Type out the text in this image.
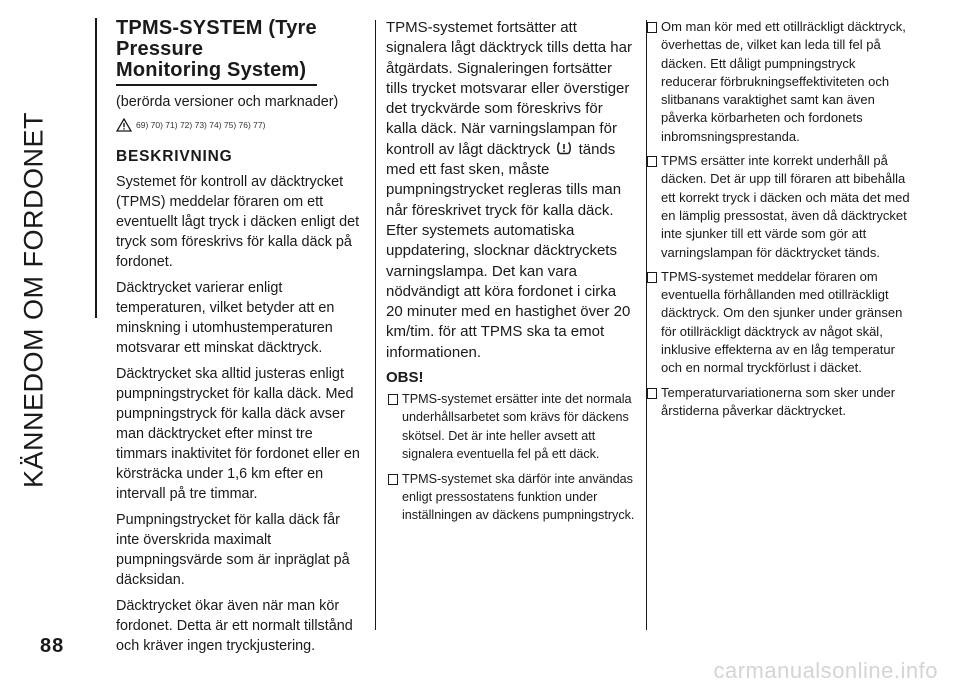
KÄNNEDOM OM FORDONET
88
TPMS-SYSTEM (Tyre
Pressure
Monitoring System)

(berörda versioner och marknader)

69) 70) 71) 72) 73) 74) 75) 76) 77)
BESKRIVNING

Systemet för kontroll av däcktrycket (TPMS) meddelar föraren om ett eventuellt lågt tryck i däcken enligt det tryck som föreskrivs för kalla däck på fordonet.

Däcktrycket varierar enligt temperaturen, vilket betyder att en minskning i utomhustemperaturen motsvarar ett minskat däcktryck.

Däcktrycket ska alltid justeras enligt pumpningstrycket för kalla däck. Med pumpningstryck för kalla däck avser man däcktrycket efter minst tre timmars inaktivitet för fordonet eller en körsträcka under 1,6 km efter en intervall på tre timmar.

Pumpningstrycket för kalla däck får inte överskrida maximalt pumpningsvärde som är inpräglat på däcksidan.

Däcktrycket ökar även när man kör fordonet. Detta är ett normalt tillstånd och kräver ingen tryckjustering.

TPMS-systemet fortsätter att signalera lågt däcktryck tills detta har åtgärdats. Signaleringen fortsätter tills trycket motsvarar eller överstiger det tryckvärde som föreskrivs för kalla däck. När varningslampan för kontroll av lågt däcktryck tänds med ett fast sken, måste pumpningstrycket regleras tills man når föreskrivet tryck för kalla däck. Efter systemets automatiska uppdatering, slocknar däcktryckets varningslampa. Det kan vara nödvändigt att köra fordonet i cirka 20 minuter med en hastighet över 20 km/tim. för att TPMS ska ta emot informationen.

OBS!

TPMS-systemet ersätter inte det normala underhållsarbetet som krävs för däckens skötsel. Det är inte heller avsett att signalera eventuella fel på ett däck.

TPMS-systemet ska därför inte användas enligt pressostatens funktion under inställningen av däckens pumpningstryck.

Om man kör med ett otillräckligt däcktryck, överhettas de, vilket kan leda till fel på däcken. Ett dåligt pumpningstryck reducerar förbrukningseffektiviteten och slitbanans varaktighet samt kan även påverka körbarheten och fordonets inbromsningsprestanda.

TPMS ersätter inte korrekt underhåll på däcken. Det är upp till föraren att bibehålla ett korrekt tryck i däcken och mäta det med en lämplig pressostat, även då däcktrycket inte sjunker till ett värde som gör att varningslampan för däcktrycket tänds.

TPMS-systemet meddelar föraren om eventuella förhållanden med otillräckligt däcktryck. Om den sjunker under gränsen för otillräckligt däcktryck av något skäl, inklusive effekterna av en låg temperatur och en normal tryckförlust i däcket.

Temperaturvariationerna som sker under årstiderna påverkar däcktrycket.

carmanualsonline.info
